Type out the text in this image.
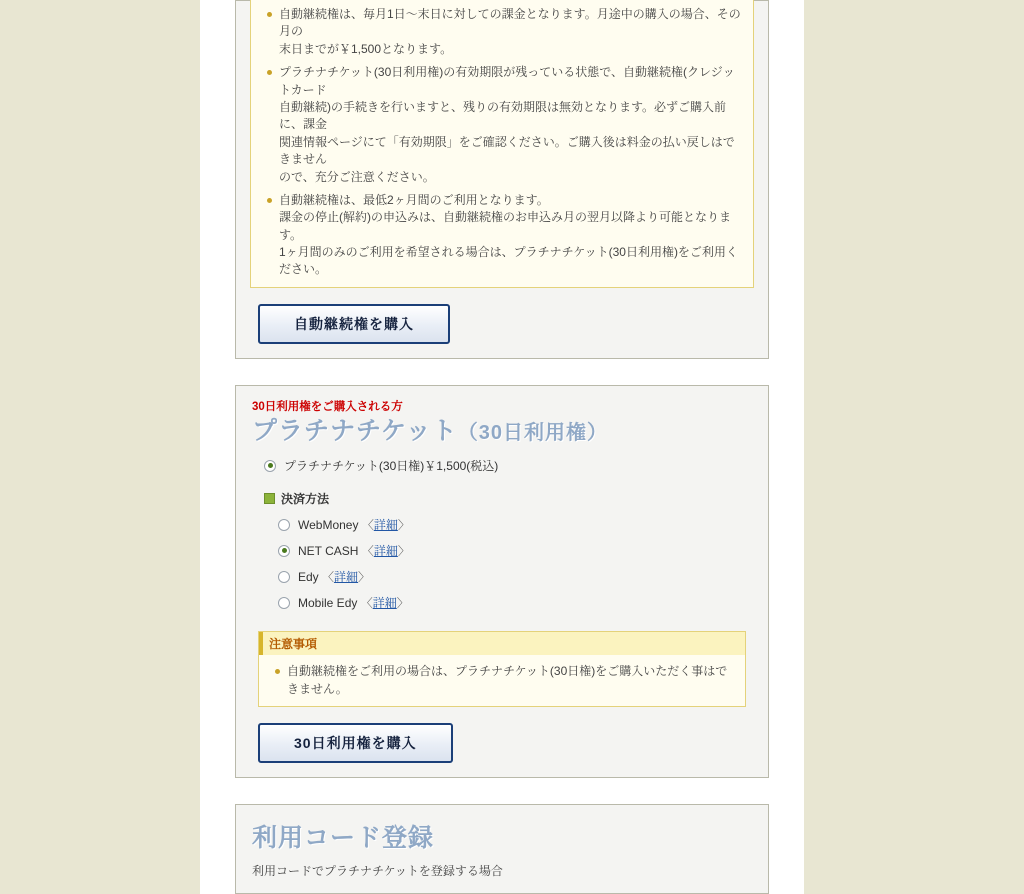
自動継続権は、毎月1日〜末日に対しての課金となります。月途中の購入の場合、その月の
末日までが￥1,500となります。
プラチナチケット(30日利用権)の有効期限が残っている状態で、自動継続権(クレジットカード
自動継続)の手続きを行いますと、残りの有効期限は無効となります。必ずご購入前に、課金
関連情報ページにて「有効期限」をご確認ください。ご購入後は料金の払い戻しはできません
ので、充分ご注意ください。
自動継続権は、最低2ヶ月間のご利用となります。
課金の停止(解約)の申込みは、自動継続権のお申込み月の翌月以降より可能となります。
1ヶ月間のみのご利用を希望される場合は、プラチナチケット(30日利用権)をご利用ください。
自動継続権を購入
30日利用権をご購入される方
プラチナチケット（30日利用権）
プラチナチケット(30日権)￥1,500(税込)
決済方法
WebMoney 〈詳細〉
NET CASH 〈詳細〉
Edy 〈詳細〉
Mobile Edy 〈詳細〉
注意事項
自動継続権をご利用の場合は、プラチナチケット(30日権)をご購入いただく事はできません。
30日利用権を購入
利用コード登録
利用コードでプラチナチケットを登録する場合
